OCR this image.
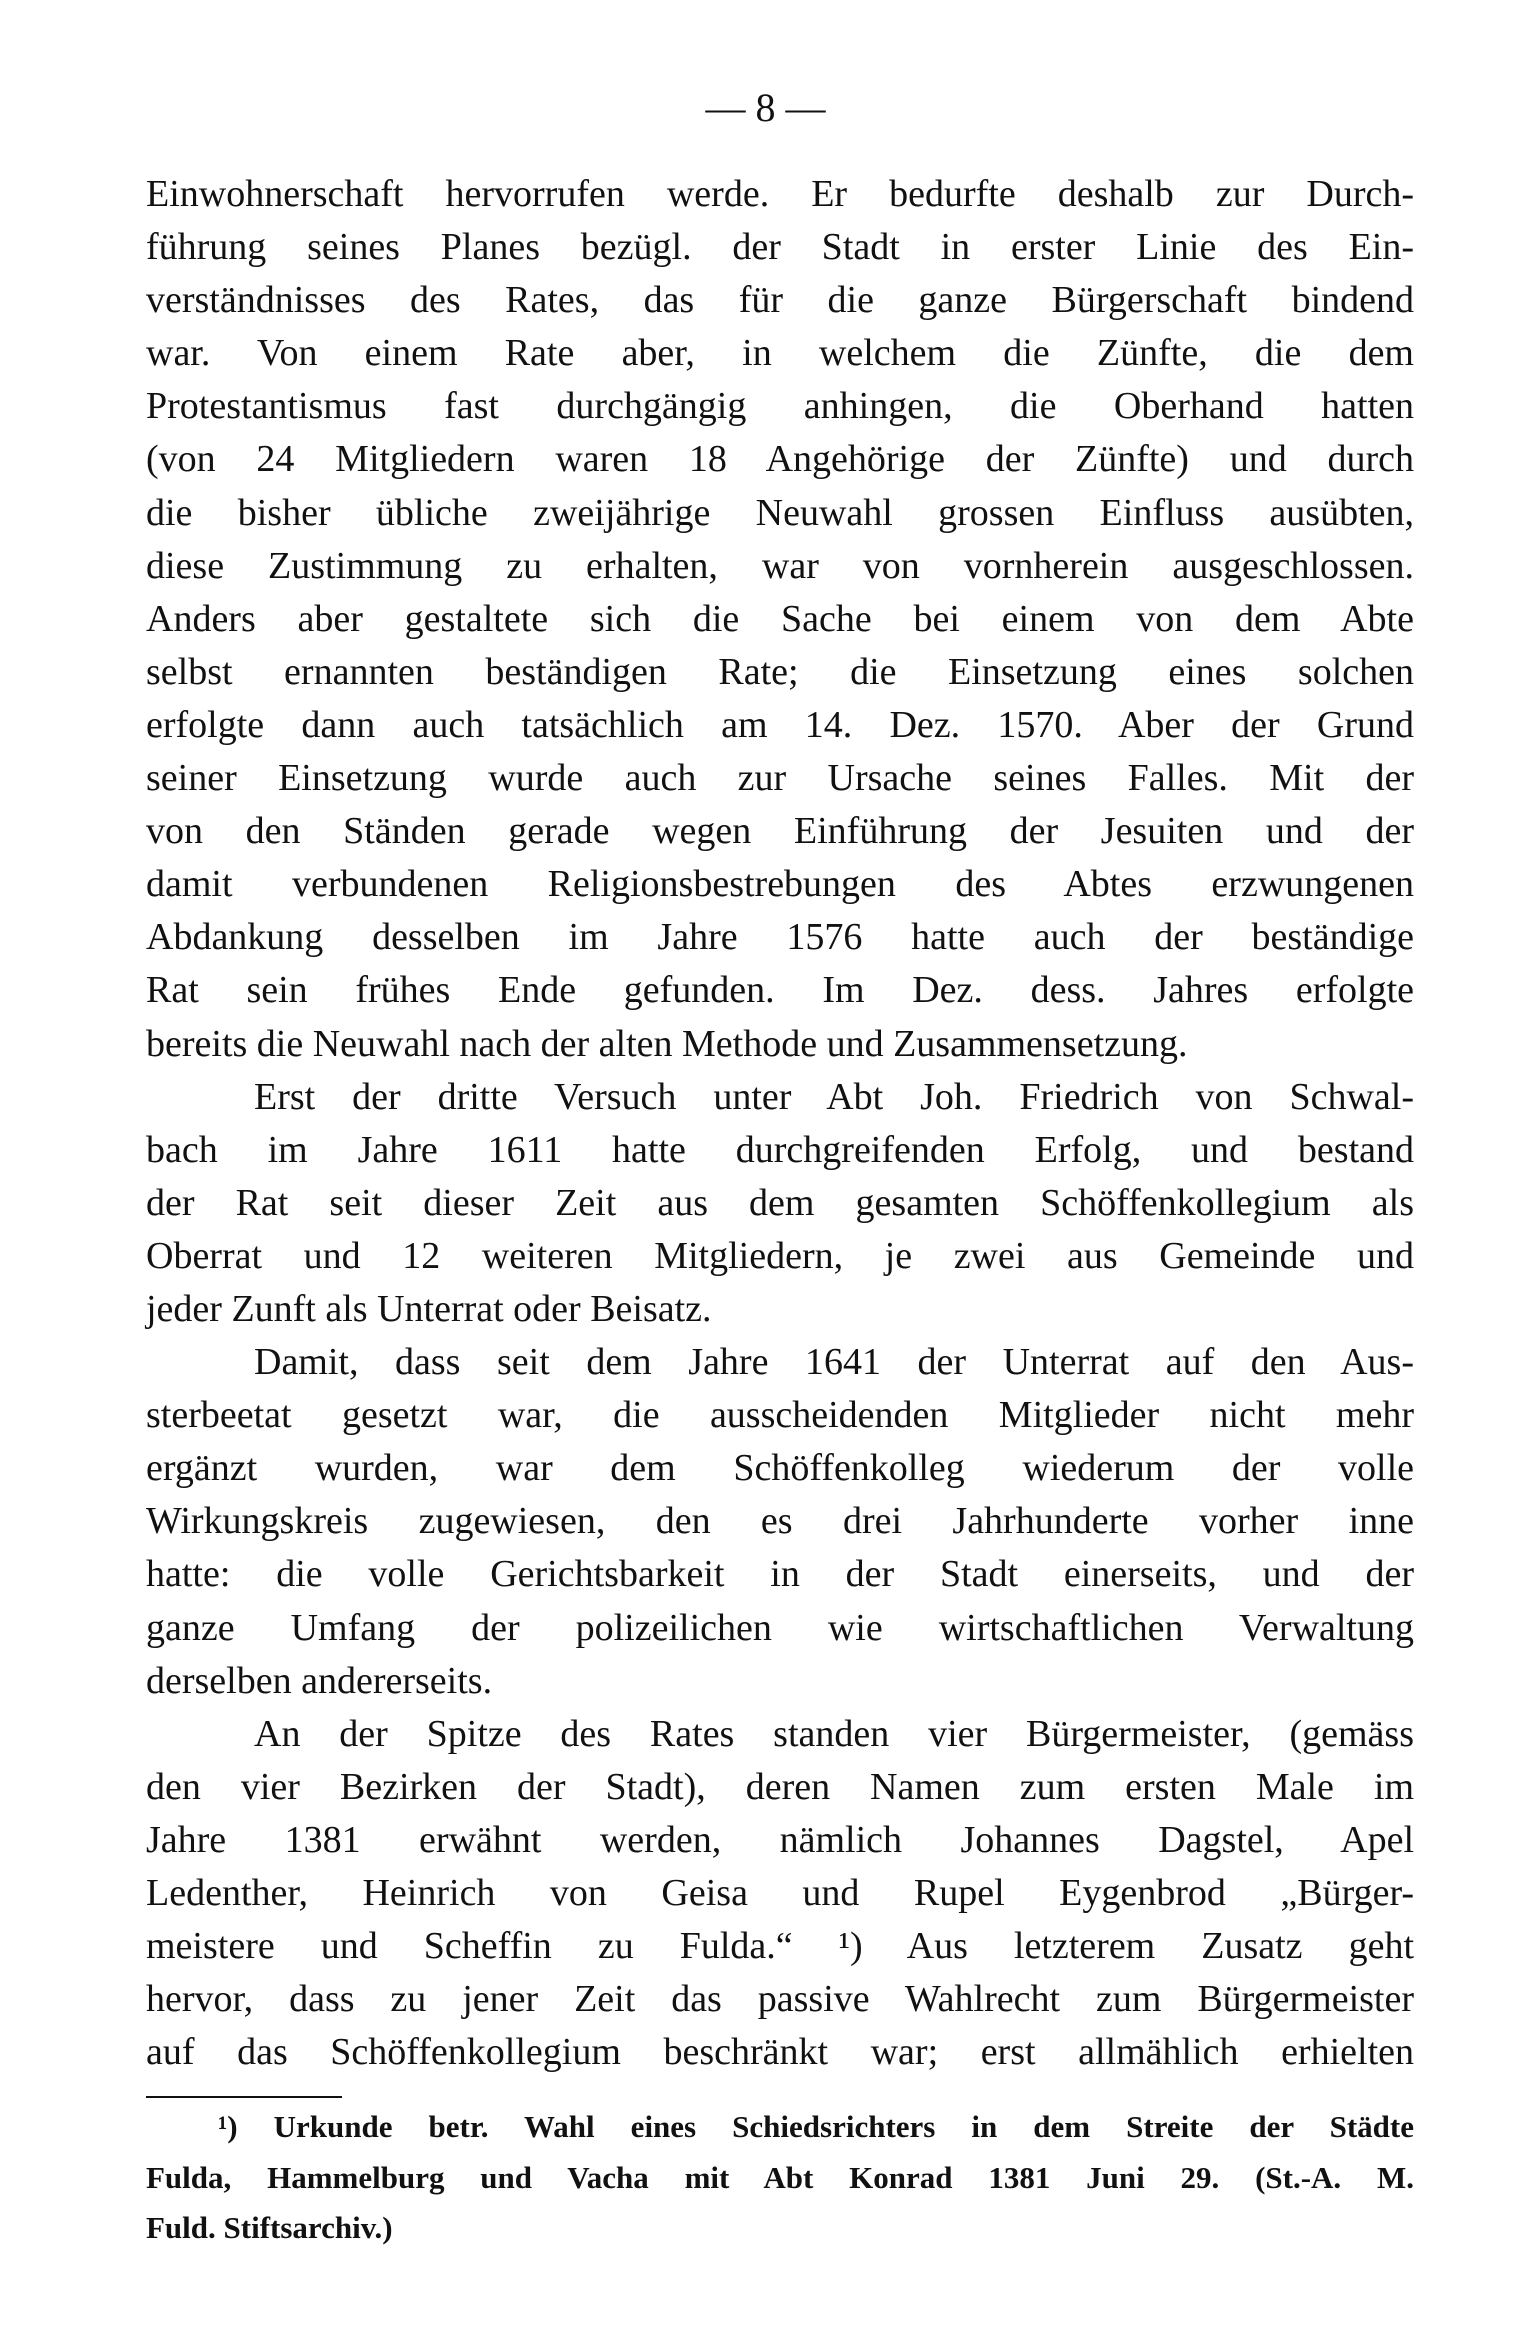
— 8 —
Einwohnerschaft hervorrufen werde. Er bedurfte deshalb zur Durch-
führung seines Planes bezügl. der Stadt in erster Linie des Ein-
verständnisses des Rates, das für die ganze Bürgerschaft bindend
war. Von einem Rate aber, in welchem die Zünfte, die dem
Protestantismus fast durchgängig anhingen, die Oberhand hatten
(von 24 Mitgliedern waren 18 Angehörige der Zünfte) und durch
die bisher übliche zweijährige Neuwahl grossen Einfluss ausübten,
diese Zustimmung zu erhalten, war von vornherein ausgeschlossen.
Anders aber gestaltete sich die Sache bei einem von dem Abte
selbst ernannten beständigen Rate; die Einsetzung eines solchen
erfolgte dann auch tatsächlich am 14. Dez. 1570. Aber der Grund
seiner Einsetzung wurde auch zur Ursache seines Falles. Mit der
von den Ständen gerade wegen Einführung der Jesuiten und der
damit verbundenen Religionsbestrebungen des Abtes erzwungenen
Abdankung desselben im Jahre 1576 hatte auch der beständige
Rat sein frühes Ende gefunden. Im Dez. dess. Jahres erfolgte
bereits die Neuwahl nach der alten Methode und Zusammensetzung.
Erst der dritte Versuch unter Abt Joh. Friedrich von Schwal-
bach im Jahre 1611 hatte durchgreifenden Erfolg, und bestand
der Rat seit dieser Zeit aus dem gesamten Schöffenkollegium als
Oberrat und 12 weiteren Mitgliedern, je zwei aus Gemeinde und
jeder Zunft als Unterrat oder Beisatz.
Damit, dass seit dem Jahre 1641 der Unterrat auf den Aus-
sterbeetat gesetzt war, die ausscheidenden Mitglieder nicht mehr
ergänzt wurden, war dem Schöffenkolleg wiederum der volle
Wirkungskreis zugewiesen, den es drei Jahrhunderte vorher inne
hatte: die volle Gerichtsbarkeit in der Stadt einerseits, und der
ganze Umfang der polizeilichen wie wirtschaftlichen Verwaltung
derselben andererseits.
An der Spitze des Rates standen vier Bürgermeister, (gemäss
den vier Bezirken der Stadt), deren Namen zum ersten Male im
Jahre 1381 erwähnt werden, nämlich Johannes Dagstel, Apel
Ledenther, Heinrich von Geisa und Rupel Eygenbrod „Bürger-
meistere und Scheffin zu Fulda.“ ¹) Aus letzterem Zusatz geht
hervor, dass zu jener Zeit das passive Wahlrecht zum Bürgermeister
auf das Schöffenkollegium beschränkt war; erst allmählich erhielten
¹) Urkunde betr. Wahl eines Schiedsrichters in dem Streite der Städte
Fulda, Hammelburg und Vacha mit Abt Konrad 1381 Juni 29. (St.-A. M.
Fuld. Stiftsarchiv.)
